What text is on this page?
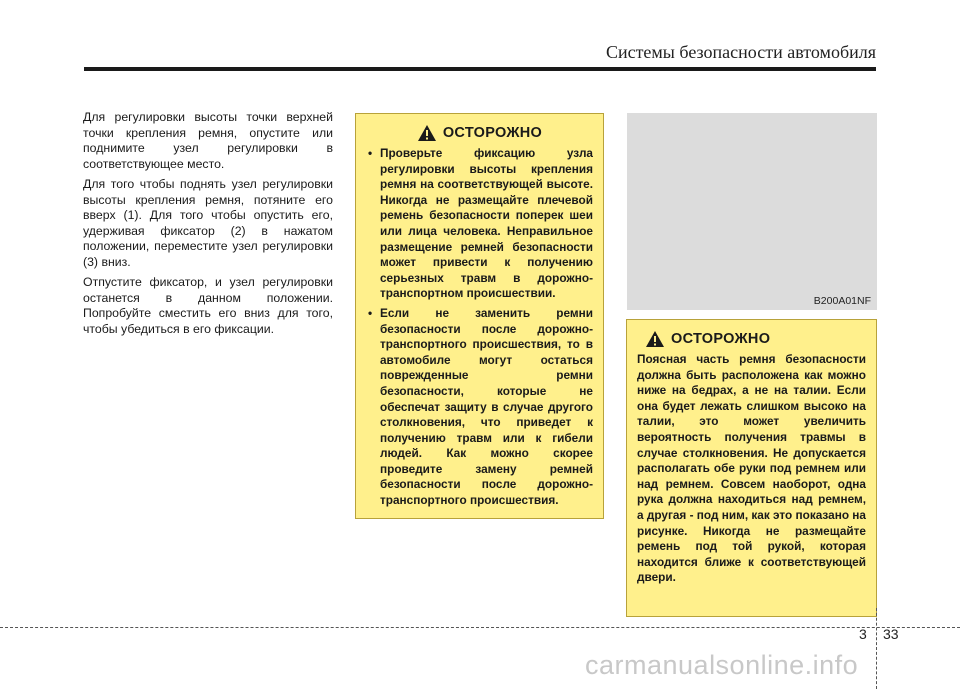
Системы безопасности автомобиля

Для регулировки высоты точки верхней точки крепления ремня, опустите или поднимите узел регулировки в соответствующее место.

Для того чтобы поднять узел регулировки высоты крепления ремня, потяните его вверх (1). Для того чтобы опустить его, удерживая фиксатор (2) в нажатом положении, переместите узел регулировки (3) вниз.

Отпустите фиксатор, и узел регулировки останется в данном положении. Попробуйте сместить его вниз для того, чтобы убедиться в его фиксации.

ОСТОРОЖНО
• Проверьте фиксацию узла регулировки высоты крепления ремня на соответствующей высоте. Никогда не размещайте плечевой ремень безопасности поперек шеи или лица человека. Неправильное размещение ремней безопасности может привести к получению серьезных травм в дорожно-транспортном происшествии.
• Если не заменить ремни безопасности после дорожно-транспортного происшествия, то в автомобиле могут остаться поврежденные ремни безопасности, которые не обеспечат защиту в случае другого столкновения, что приведет к получению травм или к гибели людей. Как можно скорее проведите замену ремней безопасности после дорожно-транспортного происшествия.
B200A01NF
ОСТОРОЖНО

Поясная часть ремня безопасности должна быть расположена как можно ниже на бедрах, а не на талии. Если она будет лежать слишком высоко на талии, это может увеличить вероятность получения травмы в случае столкновения. Не допускается располагать обе руки под ремнем или над ремнем. Совсем наоборот, одна рука должна находиться над ремнем, а другая - под ним, как это показано на рисунке. Никогда не размещайте ремень под той рукой, которая находится ближе к соответствующей двери.

3 33
carmanualsonline.info
